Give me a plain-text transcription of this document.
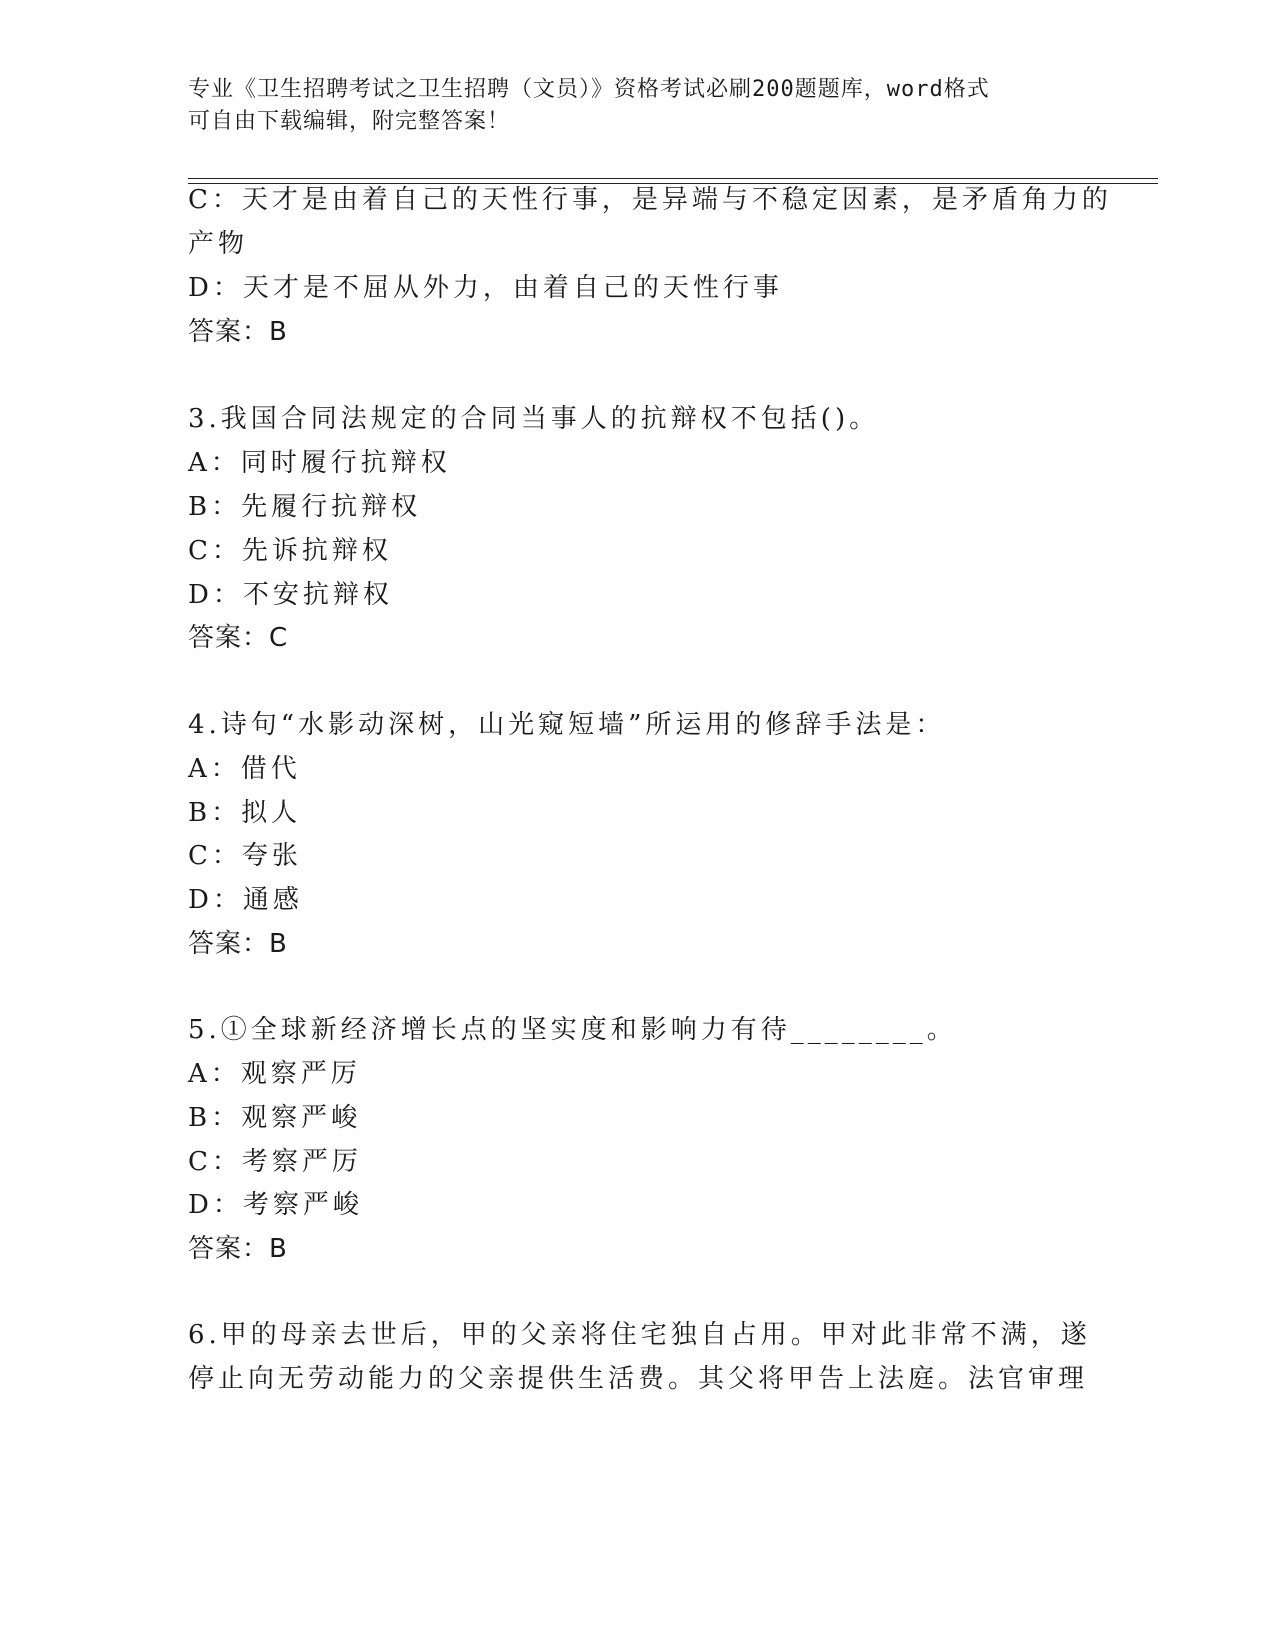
专业《卫生招聘考试之卫生招聘（文员）》资格考试必刷200题题库，word格式
可自由下载编辑，附完整答案！
C：天才是由着自己的天性行事，是异端与不稳定因素，是矛盾角力的
产物
D：天才是不屈从外力，由着自己的天性行事
答案：B
3.我国合同法规定的合同当事人的抗辩权不包括()。
A：同时履行抗辩权
B：先履行抗辩权
C：先诉抗辩权
D：不安抗辩权
答案：C
4.诗句“水影动深树，山光窥短墙”所运用的修辞手法是：
A：借代
B：拟人
C：夸张
D：通感
答案：B
5.①全球新经济增长点的坚实度和影响力有待________。
A：观察严厉
B：观察严峻
C：考察严厉
D：考察严峻
答案：B
6.甲的母亲去世后，甲的父亲将住宅独自占用。甲对此非常不满，遂
停止向无劳动能力的父亲提供生活费。其父将甲告上法庭。法官审理
